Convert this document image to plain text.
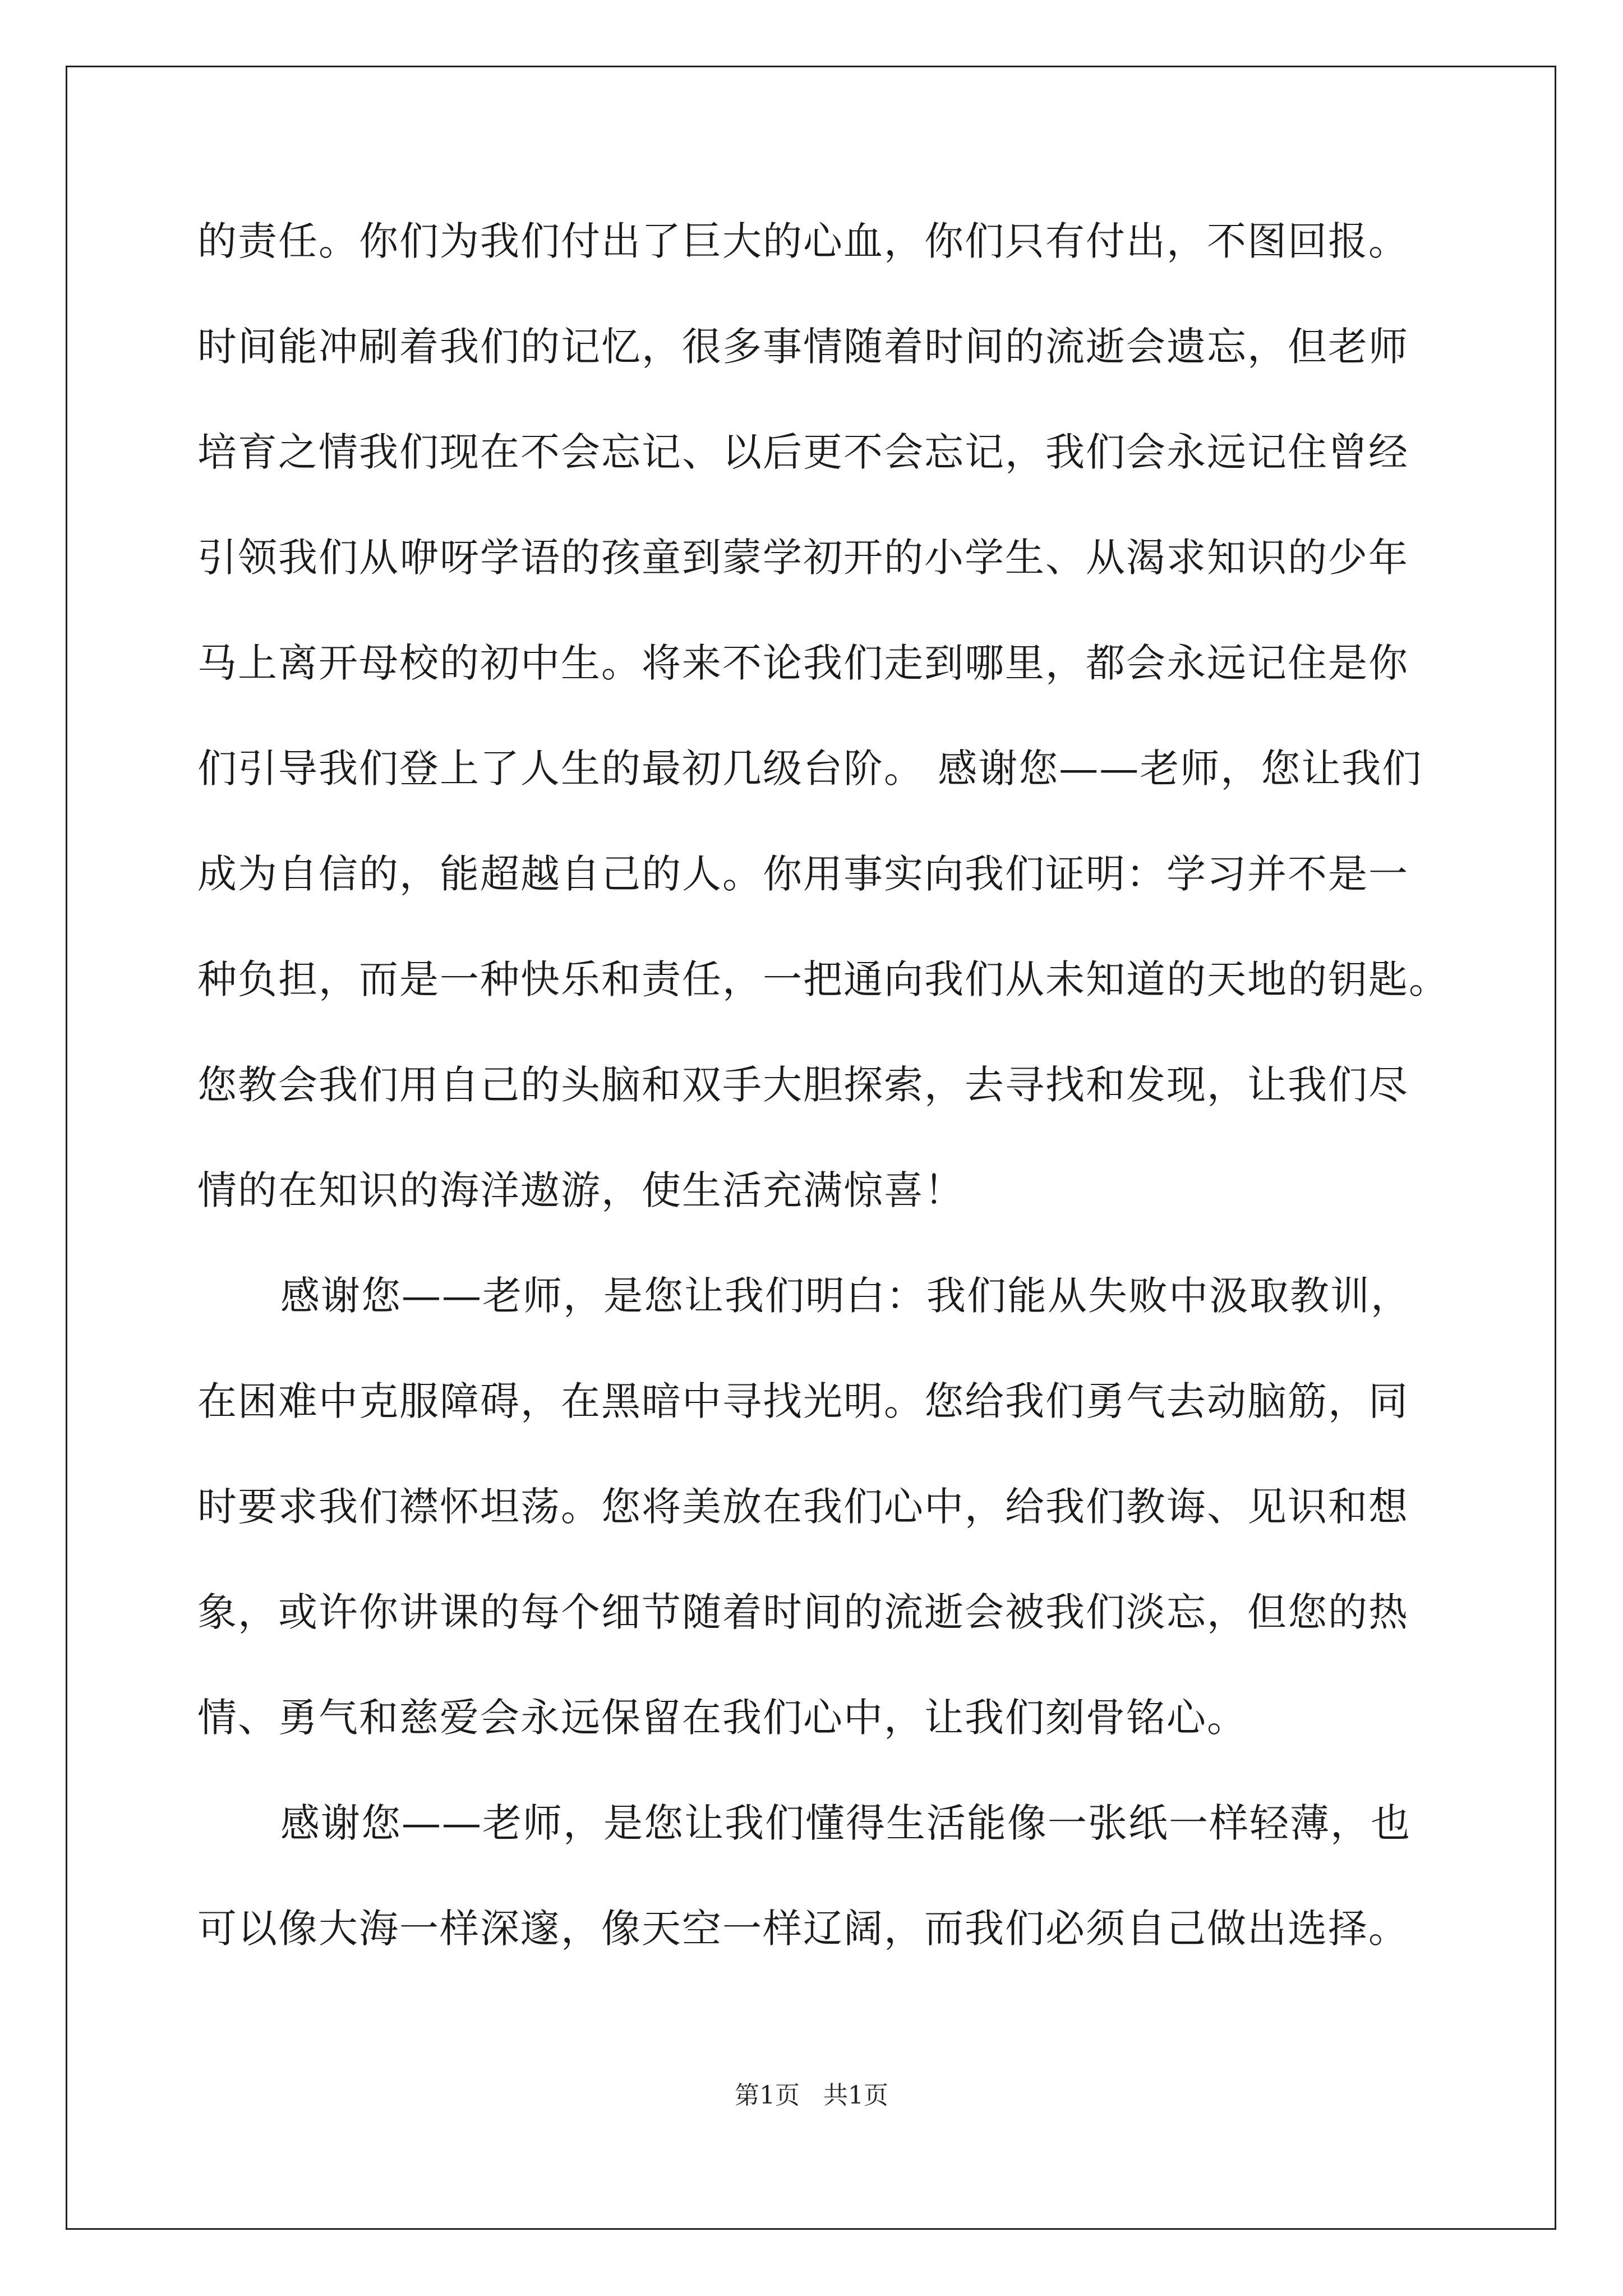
的责任。你们为我们付出了巨大的心血，你们只有付出，不图回报。
时间能冲刷着我们的记忆，很多事情随着时间的流逝会遗忘，但老师
培育之情我们现在不会忘记、以后更不会忘记，我们会永远记住曾经
引领我们从咿呀学语的孩童到蒙学初开的小学生、从渴求知识的少年
马上离开母校的初中生。将来不论我们走到哪里，都会永远记住是你
们引导我们登上了人生的最初几级台阶。 感谢您——老师，您让我们
成为自信的，能超越自己的人。你用事实向我们证明：学习并不是一
种负担，而是一种快乐和责任，一把通向我们从未知道的天地的钥匙。
您教会我们用自己的头脑和双手大胆探索，去寻找和发现，让我们尽
情的在知识的海洋遨游，使生活充满惊喜！
感谢您——老师，是您让我们明白：我们能从失败中汲取教训，
在困难中克服障碍，在黑暗中寻找光明。您给我们勇气去动脑筋，同
时要求我们襟怀坦荡。您将美放在我们心中，给我们教诲、见识和想
象，或许你讲课的每个细节随着时间的流逝会被我们淡忘，但您的热
情、勇气和慈爱会永远保留在我们心中，让我们刻骨铭心。
感谢您——老师，是您让我们懂得生活能像一张纸一样轻薄，也
可以像大海一样深邃，像天空一样辽阔，而我们必须自己做出选择。
第1页   共1页
